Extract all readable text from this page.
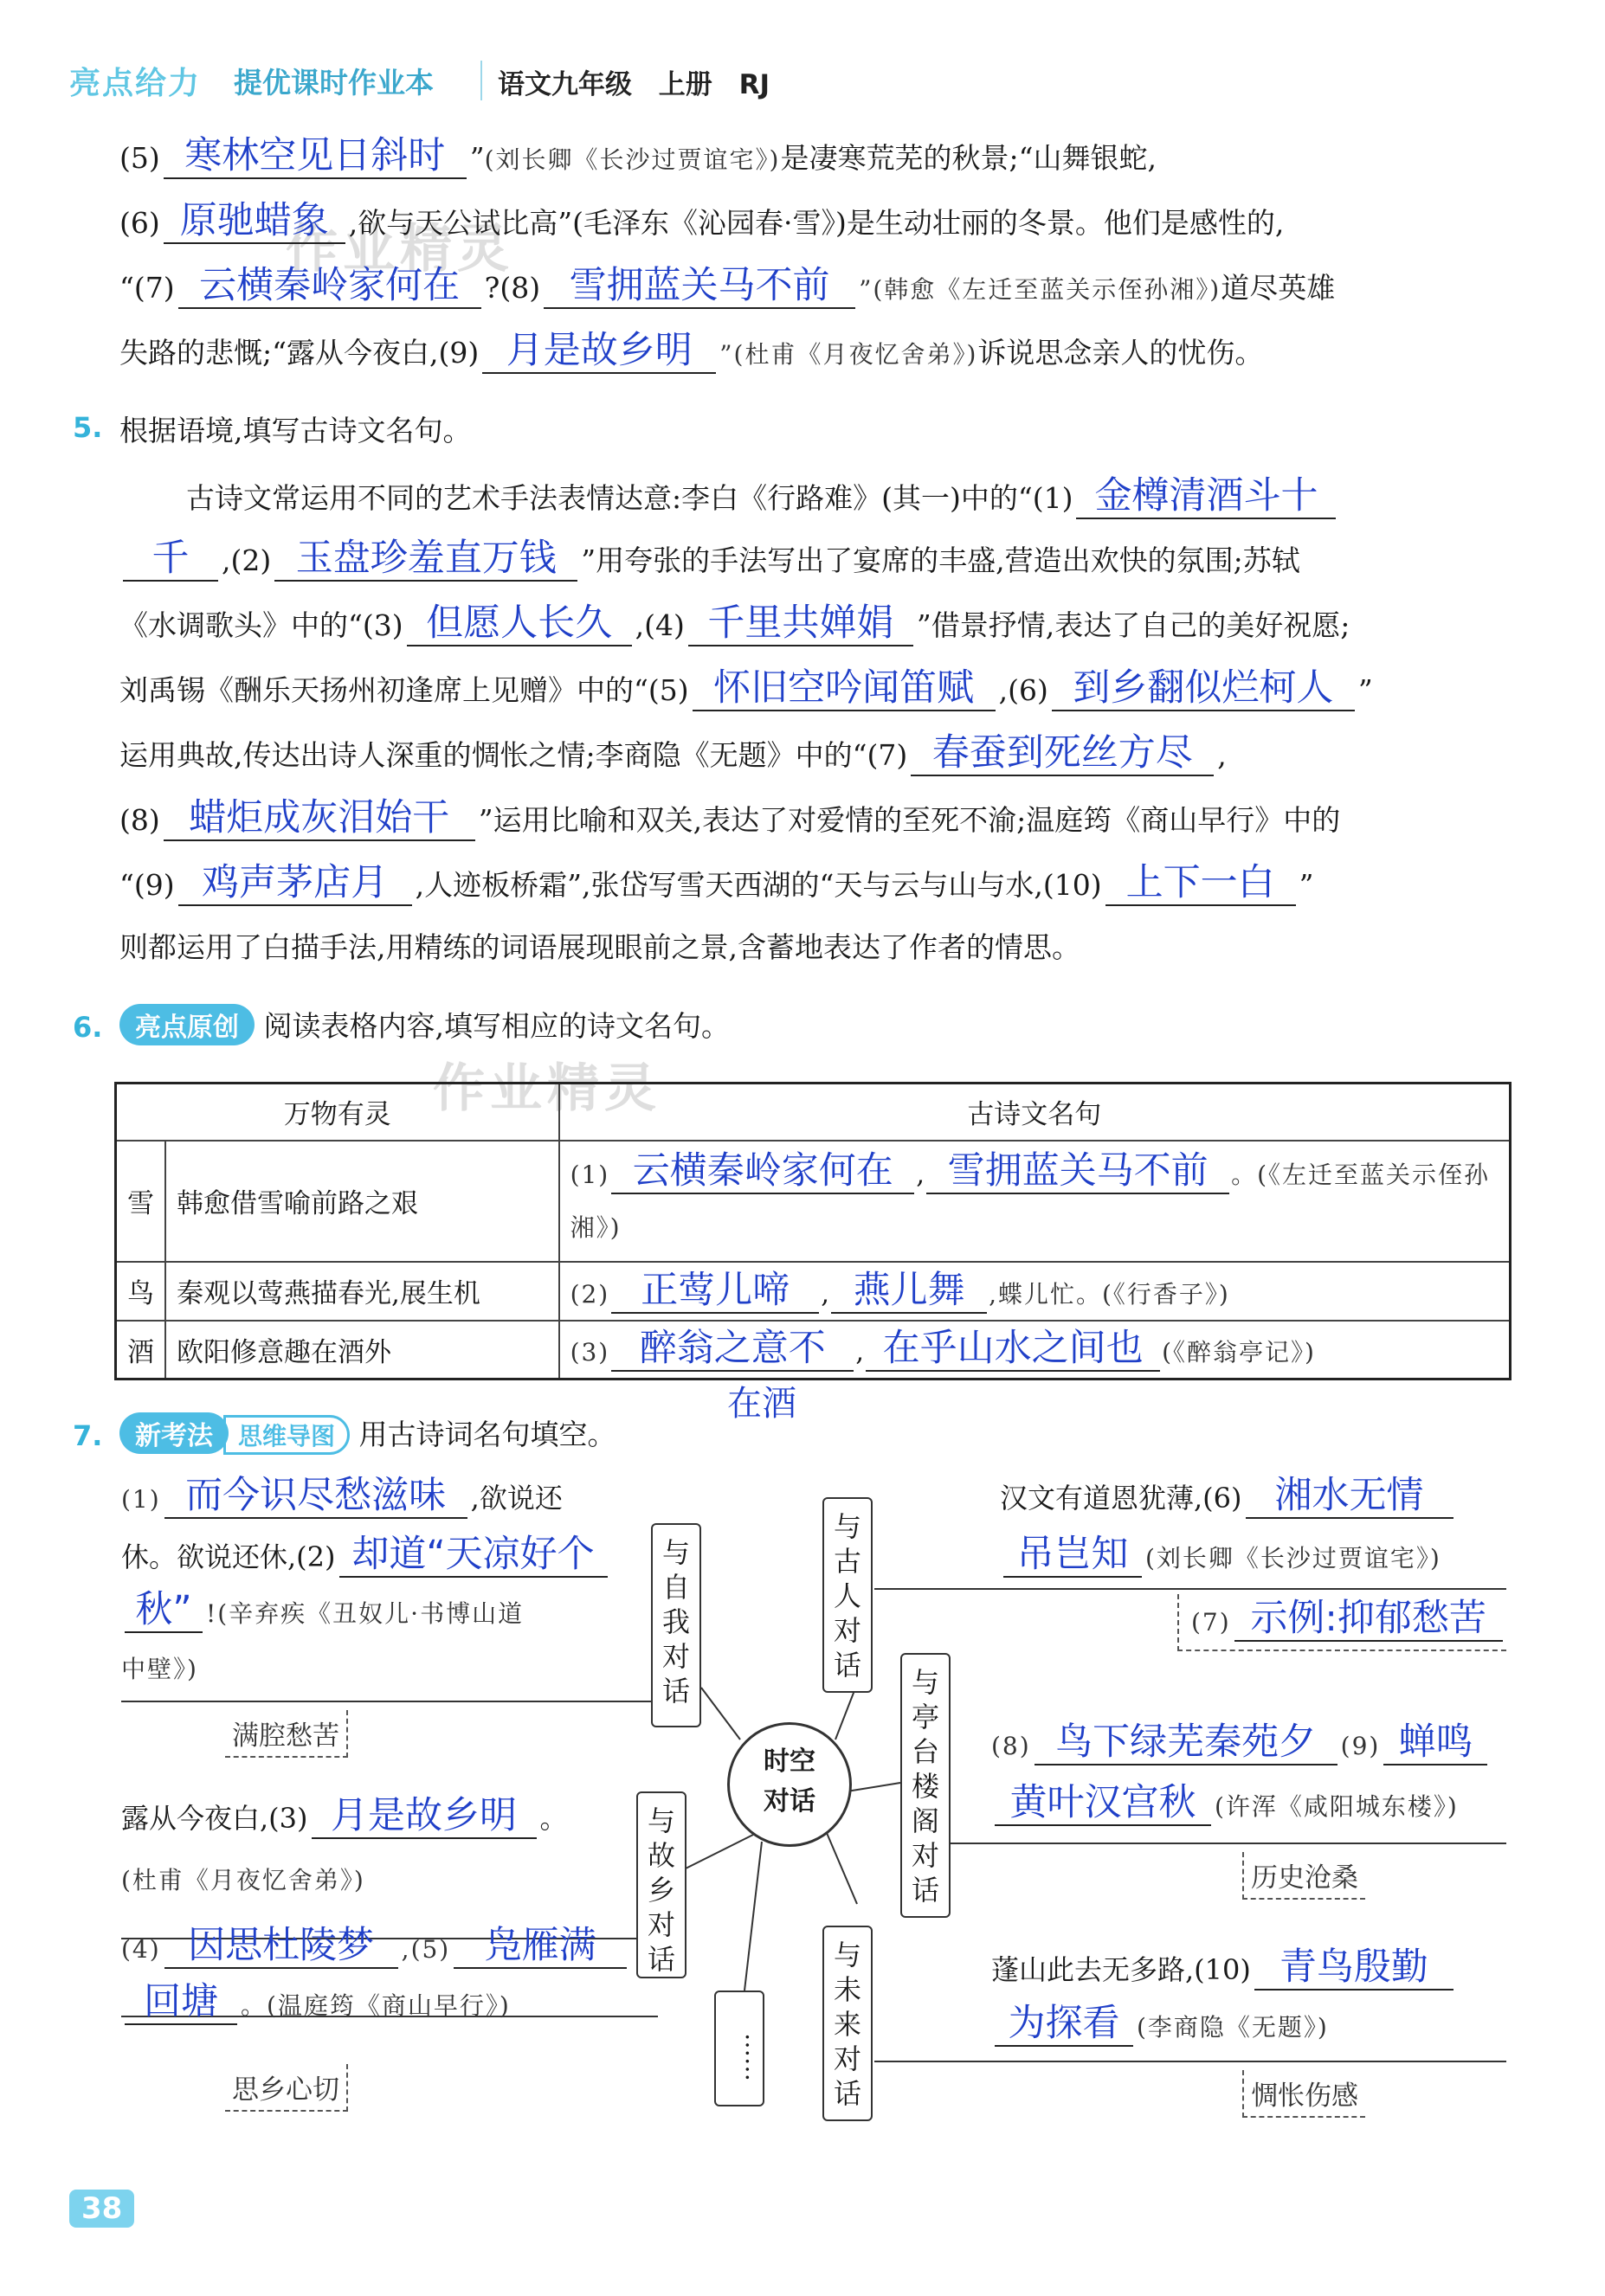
亮点给力 提优课时作业本 语文九年级 上册 RJ
作业精灵
作业精灵
(5) 寒林空见日斜时 ”(刘长卿《长沙过贾谊宅》)是凄寒荒芜的秋景;“山舞银蛇,
(6) 原驰蜡象 ,欲与天公试比高”(毛泽东《沁园春·雪》)是生动壮丽的冬景。他们是感性的,
“(7) 云横秦岭家何在 ?(8) 雪拥蓝关马不前 ”(韩愈《左迁至蓝关示侄孙湘》)道尽英雄
失路的悲慨;“露从今夜白,(9) 月是故乡明 ”(杜甫《月夜忆舍弟》)诉说思念亲人的忧伤。
5. 根据语境,填写古诗文名句。
古诗文常运用不同的艺术手法表情达意:李白《行路难》(其一)中的“(1) 金樽清酒斗十
千 ,(2) 玉盘珍羞直万钱 ”用夸张的手法写出了宴席的丰盛,营造出欢快的氛围;苏轼
《水调歌头》中的“(3) 但愿人长久 ,(4) 千里共婵娟 ”借景抒情,表达了自己的美好祝愿;
刘禹锡《酬乐天扬州初逢席上见赠》中的“(5) 怀旧空吟闻笛赋 ,(6) 到乡翻似烂柯人 ”
运用典故,传达出诗人深重的惆怅之情;李商隐《无题》中的“(7) 春蚕到死丝方尽 ,
(8) 蜡炬成灰泪始干 ”运用比喻和双关,表达了对爱情的至死不渝;温庭筠《商山早行》中的
“(9) 鸡声茅店月 ,人迹板桥霜”,张岱写雪天西湖的“天与云与山与水,(10) 上下一白 ”
则都运用了白描手法,用精练的词语展现眼前之景,含蓄地表达了作者的情思。
6.	亮点原创 阅读表格内容,填写相应的诗文名句。
万物有灵		古诗文名句
雪	韩愈借雪喻前路之艰	(1) 云横秦岭家何在 , 雪拥蓝关马不前 。(《左迁至蓝关示侄孙湘》)
鸟	秦观以莺燕描春光,展生机	(2) 正莺儿啼 , 燕儿舞 ,蝶儿忙。(《行香子》)
酒	欧阳修意趣在酒外	(3) 醉翁之意不 , 在乎山水之间也 (《醉翁亭记》)
在酒
7.	新考法 思维导图 用古诗词名句填空。
与自我对话
与故乡对话
……
与古人对话
与亭台楼阁对话
与未来对话
时空
对话
(1) 而今识尽愁滋味 ,欲说还
休。欲说还休,(2) 却道“天凉好个
秋” !(辛弃疾《丑奴儿·书博山道
中壁》)
满腔愁苦
露从今夜白,(3) 月是故乡明 。
(杜甫《月夜忆舍弟》)
(4) 因思杜陵梦 ,(5) 凫雁满
回塘 。(温庭筠《商山早行》)
思乡心切
汉文有道恩犹薄,(6) 湘水无情
吊岂知 (刘长卿《长沙过贾谊宅》)
(7) 示例:抑郁愁苦
(8) 鸟下绿芜秦苑夕 (9) 蝉鸣
黄叶汉宫秋 (许浑《咸阳城东楼》)
历史沧桑
蓬山此去无多路,(10) 青鸟殷勤
为探看 (李商隐《无题》)
惆怅伤感
38
